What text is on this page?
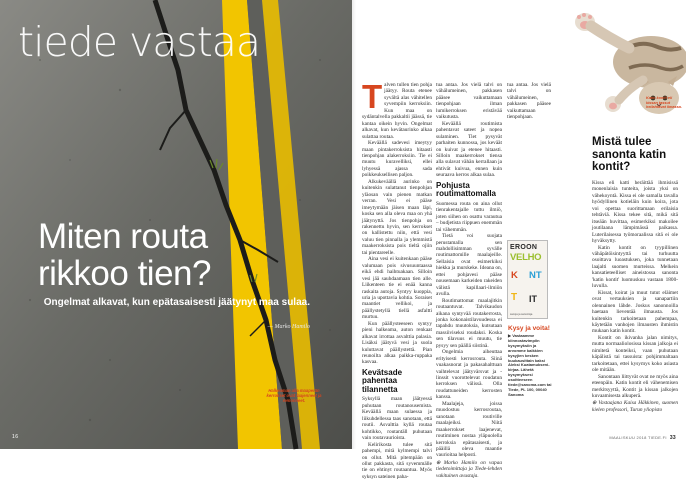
tiede vastaa
Miten routa
rikkoo tien?
Ongelmat alkavat, kun epätasaisesti jäätynyt maa sulaa.
— Marko Hamilo
Halkeaman alla maaperän kerrokset ovat laajenneet ja remonneet.
16

Talven tullen tien pohja jäätyy. Routa etenee syvältä alas vähitellen syvempiin kerroksiin. Kun maa on sydäntalvella pakkaltii jäässä, tie kantaa oikein hyvin. Ongelmat alkavat, kun kevätaurinko alkaa sulattaa routaa.

Keväällä sadevesi imeytyy maan pintakerroksista hitaasti tienpohjan alakerroksiin. Tie ei muutu kuravelliksi, ellei lyhyessä ajassa sada poikkeuksellisen paljon.

Alkukeväällä aurinko on kuitenkin sulattanut tienpohjan yläosan vain pienen matkan verran. Vesi ei pääse imeytymään jäisen maan läpi, koska sen alla oleva maa on yhä jäätynyttä. Jos tienpohja on rakennettu hyvin, sen kerrokset on kallistettu niin, että vesi valuu tien pinnalla ja ylemmistä maakerroksista pois tieltä ojiin tai pientareelle.

Aina vesi ei kuitenkaan pääse valumaan pois sivusuuntaassa eikä ehdi haihtuakaan. Silloin vesi jää sauhdaamaan tien alle. Liikenteen tie ei enää kanna raskaita autoja. Syntyy kuoppia, uria ja upottavia kohtia. Soraiset maantiet vellikoi, ja päällystetyllä tiellä asfaltti murtuu.

Kun päällysteeseen syntyy pieni halkeama, auton renkaat alkavat irrottaa asvalttia palasia. Lisäksi jäätyvä vesi ja suola kuluttavat päällystettä. Pian reunoilta alkaa paikka-ruppaka kasvaa.

Kevätsade pahentaa tilannetta

Syksyllä maan jäätyessä puhutaan routanousemista. Keväällä maan sulaessa ja liikuhdellessa taas sanotaan, että routii. Asvalttia kyllä routaa kohtikko, routantäll puhutaan vain routavaurioista.

Kelirikosta tulee sitä pahempi, mitä kylmempi talvi on ollut. Mitä pitempään on ollut pakkasta, sitä syvemmälle tie on ehtinyt routaantua. Myös syksyn sateinen paha-

tua antaa. Jos vielä talvi on vähälumeinen, pakkasen pääsee vaikuttamaan tienpohjaan ilman lumikerroksen eristävää vaikutusta.

Keväällä routimista pahentavat sateet ja nopea sulaminen. Tiet pysyvät parhaiten kunnossa, jos keväät on kuivat ja etenee hitaasti. Silloin maakerrokset tiensa alla sulavat vähän kerrallaan ja ehtivät kuivua, ennen kuin seuraava kerros alkaa sulaa.

Pohjusta routimattomalla

Suomessa routa on aina ollut tienrakentajalle tuttu ilmiö, joten siihen on osattu varautua – budjetista riippuen enemmän tai vähemmän.

Tietä voi suojata perustamalla sen mahdollisimman syvälle routimattomille maalajeille. Sellaisia ovat esimerkiksi hiekka ja murskeke. Ideana on, ettei pohjavesi pääse nousemaan karkeiden rakeiden välistä kapillaari-ilmiön avulla.

Routimattomat maalajitkin routaantuvat. Talvikaudon aikana syntyvää routakerrosta, jonka kokonaistilavuudessa ei tapahdu muutoksia, kutsutaan massiiviseksi roudaksi. Koska sen tilavuus ei muutu, tie pysyy sen päällä siistinä.

Ongelmia aiheuttaa erityisesti kerrosrouta. Siinä vuakasnorat ja pakasahalttuan vaihtelevat jäätyvärsvat ja -linssit vuorottelevat roudatun kerroksen välissä. Olla roudattuneiden kerrosten kanssa.

Maalajeja, joissa muodostuu kerrosroutaa, sanotaan routiville maalajeiksi. Niitä maakerrokset laajenevat, routiminen nostaa yläpuolella kerroksia epätasaisesti, ja pääillä oleva maantie vaurioitaa helposti.

⊕ Marko Hamilo on vapaa tiedetoimittaja ja Tiede-lehden vakituinen avustaja.

tua antaa. Jos vielä talvi on vähälumeinen, pakkasen pääsee vaikuttamaan tienpohjaan.

EROON
VELHO
K NT
T IT
sanoja ja sanontoja
Kysy ja voita!

▶ Vastaamme kiinnostavimpiin kysymyksiin ja arvomme kaikkien kysyjien kesken kuukausittain kaksi Aleksi Kuatamukseni-kirjaa. Lähetä kysymyksesi osoitteeseen tiede@sanoma.com tai Tiede, PL 100, 00040 Sanoma

Katin kontit eli kissan tassut heilahtavat ilmassa.
Mistä tulee sanonta katin kontit?

Kissa eli katti heräittää ihmisissä monenlaisia tunteita, joista yksi on vähekoyntä. Kissa ei ole samalla tavalla hyödyllinen kotieläin kuin koira, jota voi opettaa suorittamaan erilaisia tehtäviä. Kissa tekee sitä, mikä sitä itseään huvittaa, esimerkiksi makoilee joutilaana lämpimässä paikassa. Luterilaisessa työmoraalissa sitä ei ole hyväksytty.

Katin kontit on tyypillinen vähäpätöisintyyttä tai turhuutta osoittava luoastuksen, joka tunnetaan laajalti suomen murteissa. Melkein kansatieteelliset aineistossa sanonta 'katin kontit' luomuskuu vastaan 1800-luvulla.

Kissat, koirat ja muut tutut eläimet ovat vertauksien ja sanapartiin olennainen lähde. Joskus sanonnoilla haetaan lieventää ilmausta. Jos kuitenkin tarkoitetaan pahempaa, käytetään vanhojen ilmausten ihmistin mukaan katin kontit.

Kontit on ikivanha jalan nimitys, mutta normaaliolosissa kissan jalkoja ei nimitetä konteiksi, vaan puhutaan käpälistä tai tassuista: pohjimmaltaan tarkoitetaan, ettei kysymys koko asiasta ole mitään.

Sanontaan liittyvät ovat ne myös aina eteenpäin. Katin kontit eli vähenemisen merkitsyyttä, Kontit ja kissan jalkojen kuvaamisesta alkuperä.

⊕ Vastaajana Kaisa Häkkinen, suomen kielen professori, Turun yliopisto

MAALISKUU 2018 TIEDE.FI 33
